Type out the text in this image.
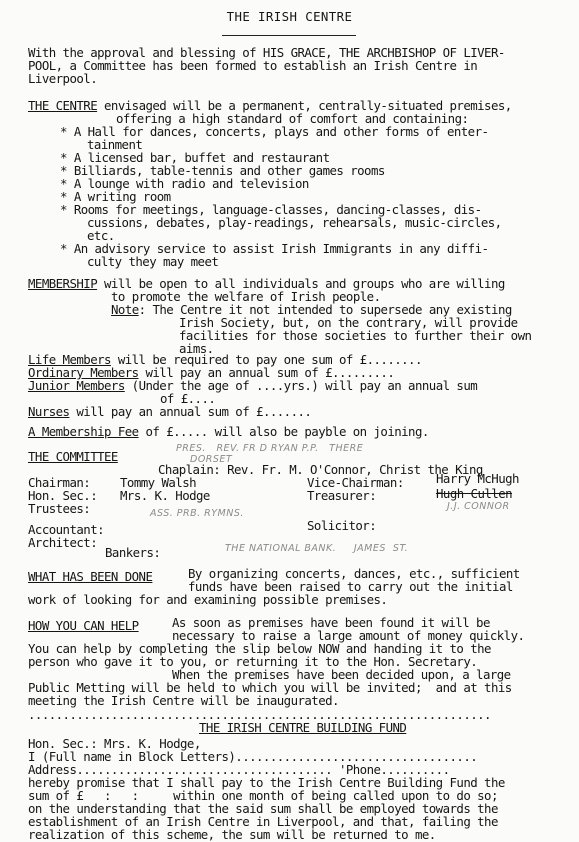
THE IRISH CENTRE
With the approval and blessing of HIS GRACE, THE ARCHBISHOP OF LIVER-
POOL, a Committee has been formed to establish an Irish Centre in
Liverpool.
THE CENTRE envisaged will be a permanent, centrally-situated premises,
offering a high standard of comfort and containing:
* A Hall for dances, concerts, plays and other forms of enter-
tainment
* A licensed bar, buffet and restaurant
* Billiards, table-tennis and other games rooms
* A lounge with radio and television
* A writing room
* Rooms for meetings, language-classes, dancing-classes, dis-
cussions, debates, play-readings, rehearsals, music-circles,
etc.
* An advisory service to assist Irish Immigrants in any diffi-
culty they may meet
MEMBERSHIP will be open to all individuals and groups who are willing
to promote the welfare of Irish people.
Note: The Centre it not intended to supersede any existing
Irish Society, but, on the contrary, will provide
facilities for those societies to further their own
aims.
Life Members will be required to pay one sum of £........
Ordinary Members will pay an annual sum of £.........
Junior Members (Under the age of ....yrs.) will pay an annual sum
of £....
Nurses will pay an annual sum of £.......
A Membership Fee of £..... will also be payble on joining.
THE COMMITTEE
PRES.   REV. FR D RYAN P.P.   THERE
DORSET
Chaplain: Rev. Fr. M. O'Connor, Christ the King
Chairman: Tommy Walsh	Vice-Chairman:	Harry McHugh
Hon. Sec.: Mrs. K. Hodge	Treasurer:	Hugh Cullen
J.J. CONNOR
Trustees:	ASS. PRB. RYMNS.
Accountant:	Solicitor:
Architect:
Bankers:	THE NATIONAL BANK.     JAMES  ST.
WHAT HAS BEEN DONE	By organizing concerts, dances, etc., sufficient
funds have been raised to carry out the initial
work of looking for and examining possible premises.
HOW YOU CAN HELP	As soon as premises have been found it will be
necessary to raise a large amount of money quickly.
You can help by completing the slip below NOW and handing it to the
person who gave it to you, or returning it to the Hon. Secretary.
When the premises have been decided upon, a large
Public Metting will be held to which you will be invited;  and at this
meeting the Irish Centre will be inaugurated.
...................................................................
THE IRISH CENTRE BUILDING FUND
Hon. Sec.: Mrs. K. Hodge,
I (Full name in Block Letters)...................................
Address..................................... 'Phone..........
hereby promise that I shall pay to the Irish Centre Building Fund the
sum of £   :   :     within one month of being called upon to do so;
on the understanding that the said sum shall be employed towards the
establishment of an Irish Centre in Liverpool, and that, failing the
realization of this scheme, the sum will be returned to me.
